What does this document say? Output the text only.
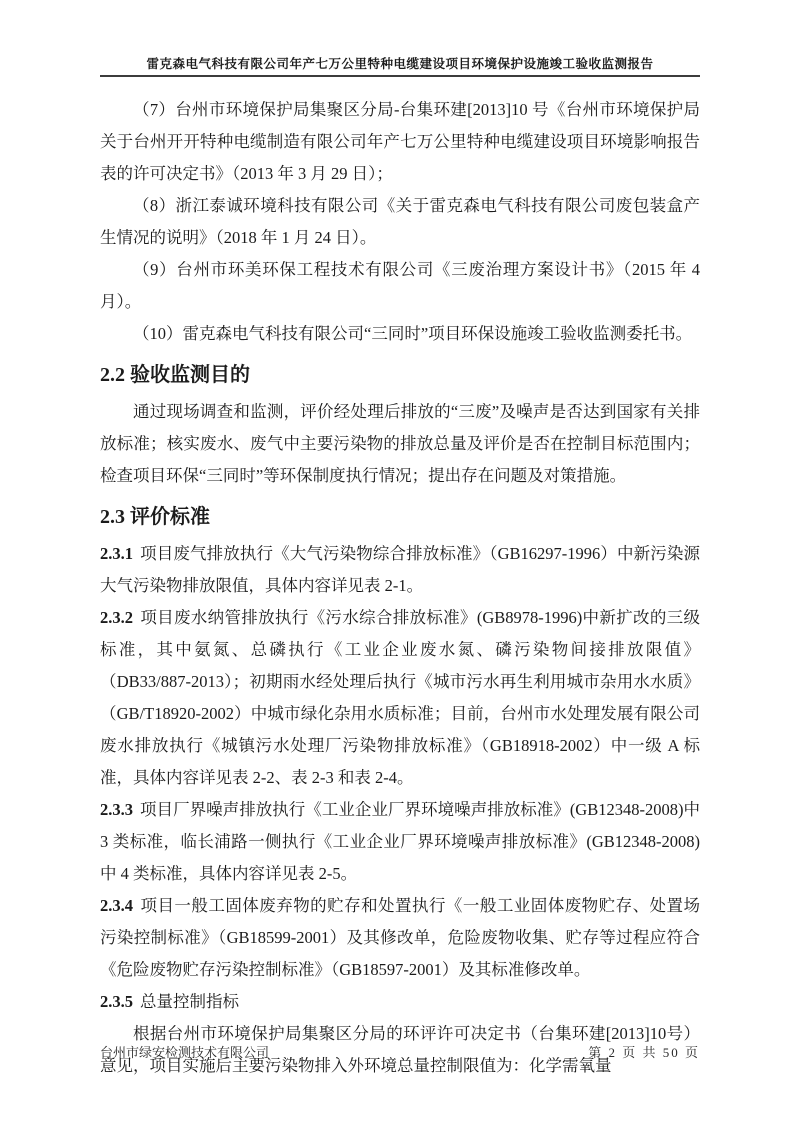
雷克森电气科技有限公司年产七万公里特种电缆建设项目环境保护设施竣工验收监测报告

（7）台州市环境保护局集聚区分局-台集环建[2013]10 号《台州市环境保护局关于台州开开特种电缆制造有限公司年产七万公里特种电缆建设项目环境影响报告表的许可决定书》（2013 年 3 月 29 日）；

（8）浙江泰诚环境科技有限公司《关于雷克森电气科技有限公司废包装盒产生情况的说明》（2018 年 1 月 24 日）。

（9）台州市环美环保工程技术有限公司《三废治理方案设计书》（2015 年 4 月）。

（10）雷克森电气科技有限公司“三同时”项目环保设施竣工验收监测委托书。

2.2 验收监测目的

通过现场调查和监测，评价经处理后排放的“三废”及噪声是否达到国家有关排放标准；核实废水、废气中主要污染物的排放总量及评价是否在控制目标范围内；检查项目环保“三同时”等环保制度执行情况；提出存在问题及对策措施。

2.3 评价标准

2.3.1 项目废气排放执行《大气污染物综合排放标准》（GB16297-1996）中新污染源大气污染物排放限值，具体内容详见表 2-1。

2.3.2 项目废水纳管排放执行《污水综合排放标准》(GB8978-1996)中新扩改的三级标准，其中氨氮、总磷执行《工业企业废水氮、磷污染物间接排放限值》（DB33/887-2013）；初期雨水经处理后执行《城市污水再生利用城市杂用水水质》（GB/T18920-2002）中城市绿化杂用水质标准；目前，台州市水处理发展有限公司废水排放执行《城镇污水处理厂污染物排放标准》（GB18918-2002）中一级 A 标准，具体内容详见表 2-2、表 2-3 和表 2-4。

2.3.3 项目厂界噪声排放执行《工业企业厂界环境噪声排放标准》(GB12348-2008)中 3 类标准，临长浦路一侧执行《工业企业厂界环境噪声排放标准》(GB12348-2008)中 4 类标准，具体内容详见表 2-5。

2.3.4 项目一般工固体废弃物的贮存和处置执行《一般工业固体废物贮存、处置场污染控制标准》（GB18599-2001）及其修改单，危险废物收集、贮存等过程应符合《危险废物贮存污染控制标准》（GB18597-2001）及其标准修改单。

2.3.5 总量控制指标

根据台州市环境保护局集聚区分局的环评许可决定书（台集环建[2013]10号）意见，项目实施后主要污染物排入外环境总量控制限值为：化学需氧量

台州市绿安检测技术有限公司	第 2 页 共 50 页
